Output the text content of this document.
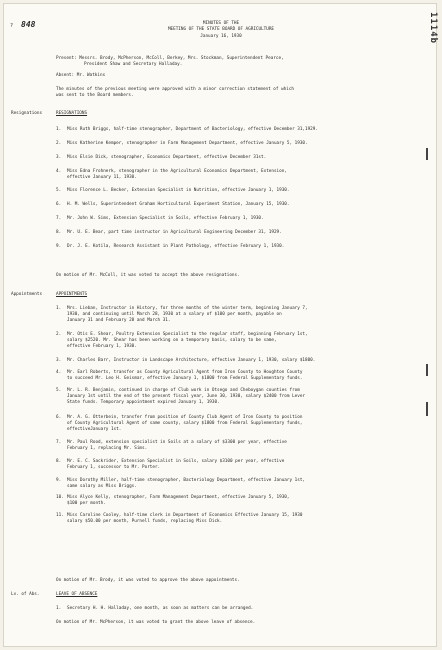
? 848	1114b
MINUTES OF THE
MEETING OF THE STATE BOARD OF AGRICULTURE
January 16, 1930
Present: Messrs. Brody, McPherson, McColl, Berkey, Mrs. Stockman, Superintendent Pearce,
President Shaw and Secretary Halladay.
Absent: Mr. Watkins
The minutes of the previous meeting were approved with a minor correction statement of which
was sent to the Board members.
Resignations	RESIGNATIONS
1. Miss Ruth Briggs, half-time stenographer, Department of Bacteriology, effective December 31,1929.
2. Miss Katherine Kemper, stenographer in Farm Management Department, effective January 5, 1930.
3. Miss Elsie Dick, stenographer, Economics Department, effective December 31st.
4. Miss Edna Frohnerk, stenographer in the Agricultural Economics Department, Extension,
effective January 11, 1930.
5. Miss Florence L. Becker, Extension Specialist in Nutrition, effective January 1, 1930.
6. H. M. Wells, Superintendent Graham Horticultural Experiment Station, January 15, 1930.
7. Mr. John W. Sims, Extension Specialist in Soils, effective February 1, 1930.
8. Mr. U. E. Bear, part time instructor in Agricultural Engineering December 31, 1929.
9. Dr. J. E. Kotila, Research Assistant in Plant Pathology, effective February 1, 1930.
On motion of Mr. McColl, it was voted to accept the above resignations.
Appointments	APPOINTMENTS
1. Mrs. Lieban, Instructor in History, for three months of the winter term, beginning January 7,
1930, and continuing until March 28, 1930 at a salary of $100 per month, payable on
January 31 and February 28 and March 31.
2. Mr. Otis E. Shear, Poultry Extension Specialist to the regular staff, beginning February 1st,
salary $2520. Mr. Shear has been working on a temporary basis, salary to be same,
effective February 1, 1930.
3. Mr. Charles Barr, Instructor in Landscape Architecture, effective January 1, 1930, salary $1800.
4. Mr. Earl Roberts, transfer as County Agricultural Agent from Iron County to Houghton County
to succeed Mr. Leo H. Geismar, effective January 1, $1800 from Federal Supplementary funds.
5. Mr. L. R. Benjamin, continued in charge of Club work in Otsego and Cheboygan counties from
January 1st until the end of the present fiscal year, June 30, 1930, salary $2400 from Lever
State funds. Temporary appointment expired January 1, 1930.
6. Mr. A. G. Otterbein, transfer from position of County Club Agent of Iron County to position
of County Agricultural Agent of same county, salary $1800 from Federal Supplementary funds,
effectiveJanuary 1st.
7. Mr. Paul Rood, extension specialist in Soils at a salary of $3300 per year, effective
February 1, replacing Mr. Sims.
8. Mr. E. C. Sackrider, Extension Specialist in Soils, salary $3100 per year, effective
February 1, successor to Mr. Porter.
9. Miss Dorothy Miller, half-time stenographer, Bacteriology Department, effective January 1st,
same salary as Miss Briggs.
10. Miss Alyce Kelly, stenographer, Farm Management Department, effective January 5, 1930,
$100 per month.
11. Miss Caroline Cooley, half-time clerk in Department of Economics Effective January 15, 1930
salary $50.00 per month, Purnell funds, replacing Miss Dick.
On motion of Mr. Brody, it was voted to approve the above appointments.
Lv. of Abs.	LEAVE OF ABSENCE
1. Secretary H. H. Halladay, one month, as soon as matters can be arranged.
On motion of Mr. McPherson, it was voted to grant the above leave of absence.
